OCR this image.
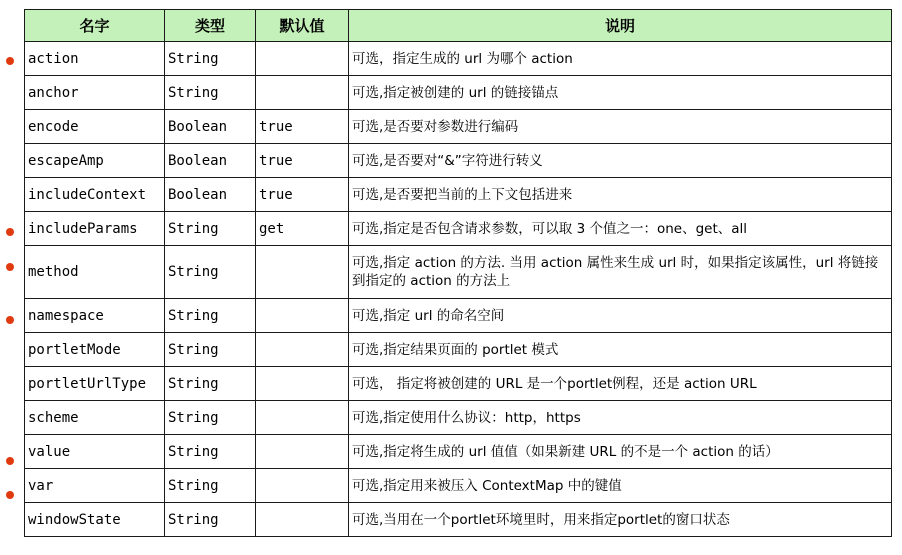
名字	类型	默认值	说明
action	String		可选，指定生成的 url 为哪个 action
anchor	String		可选,指定被创建的 url 的链接锚点
encode	Boolean	true	可选,是否要对参数进行编码
escapeAmp	Boolean	true	可选,是否要对“&”字符进行转义
includeContext	Boolean	true	可选,是否要把当前的上下文包括进来
includeParams	String	get	可选,指定是否包含请求参数，可以取 3 个值之一：one、get、all
method	String		可选,指定 action 的方法. 当用 action 属性来生成 url 时，如果指定该属性，url 将链接到指定的 action 的方法上
namespace	String		可选,指定 url 的命名空间
portletMode	String		可选,指定结果页面的 portlet 模式
portletUrlType	String		可选， 指定将被创建的 URL 是一个portlet例程，还是 action URL
scheme	String		可选,指定使用什么协议：http，https
value	String		可选,指定将生成的 url 值值（如果新建 URL 的不是一个 action 的话）
var	String		可选,指定用来被压入 ContextMap 中的键值
windowState	String		可选,当用在一个portlet环境里时，用来指定portlet的窗口状态
